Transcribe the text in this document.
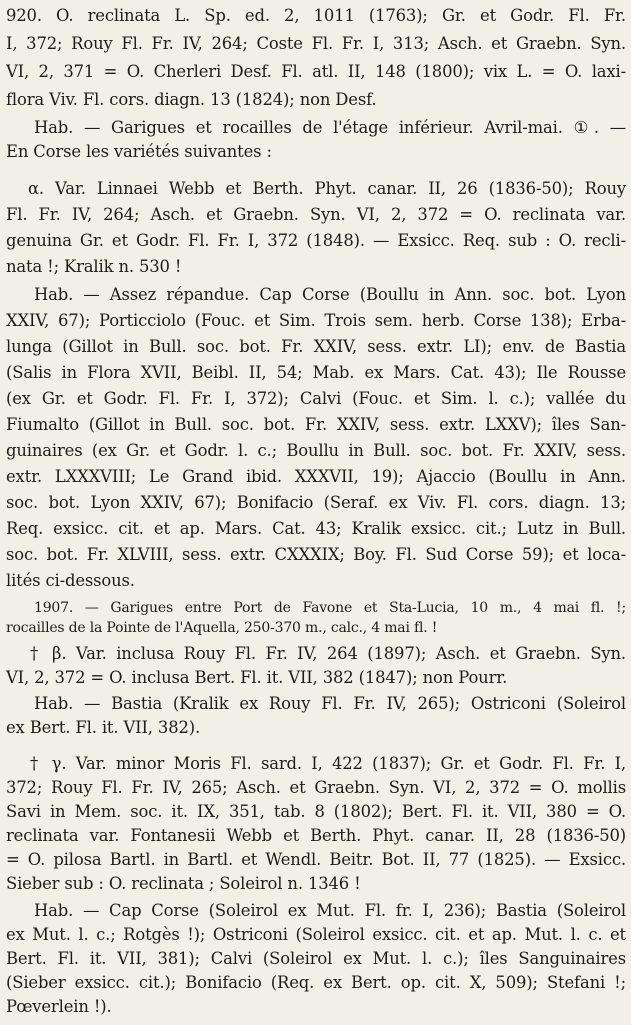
920. O. reclinata L. Sp. ed. 2, 1011 (1763); Gr. et Godr. Fl. Fr.
I, 372; Rouy Fl. Fr. IV, 264; Coste Fl. Fr. I, 313; Asch. et Graebn. Syn.
VI, 2, 371 = O. Cherleri Desf. Fl. atl. II, 148 (1800); vix L. = O. laxi-
flora Viv. Fl. cors. diagn. 13 (1824); non Desf.
Hab. — Garigues et rocailles de l'étage inférieur. Avril-mai. ①. —
En Corse les variétés suivantes :
α. Var. Linnaei Webb et Berth. Phyt. canar. II, 26 (1836-50); Rouy
Fl. Fr. IV, 264; Asch. et Graebn. Syn. VI, 2, 372 = O. reclinata var.
genuina Gr. et Godr. Fl. Fr. I, 372 (1848). — Exsicc. Req. sub : O. recli-
nata !; Kralik n. 530 !
Hab. — Assez répandue. Cap Corse (Boullu in Ann. soc. bot. Lyon
XXIV, 67); Porticciolo (Fouc. et Sim. Trois sem. herb. Corse 138); Erba-
lunga (Gillot in Bull. soc. bot. Fr. XXIV, sess. extr. LI); env. de Bastia
(Salis in Flora XVII, Beibl. II, 54; Mab. ex Mars. Cat. 43); Ile Rousse
(ex Gr. et Godr. Fl. Fr. I, 372); Calvi (Fouc. et Sim. l. c.); vallée du
Fiumalto (Gillot in Bull. soc. bot. Fr. XXIV, sess. extr. LXXV); îles San-
guinaires (ex Gr. et Godr. l. c.; Boullu in Bull. soc. bot. Fr. XXIV, sess.
extr. LXXXVIII; Le Grand ibid. XXXVII, 19); Ajaccio (Boullu in Ann.
soc. bot. Lyon XXIV, 67); Bonifacio (Seraf. ex Viv. Fl. cors. diagn. 13;
Req. exsicc. cit. et ap. Mars. Cat. 43; Kralik exsicc. cit.; Lutz in Bull.
soc. bot. Fr. XLVIII, sess. extr. CXXXIX; Boy. Fl. Sud Corse 59); et loca-
lités ci-dessous.
1907. — Garigues entre Port de Favone et Sta-Lucia, 10 m., 4 mai fl. !;
rocailles de la Pointe de l'Aquella, 250-370 m., calc., 4 mai fl. !
† β. Var. inclusa Rouy Fl. Fr. IV, 264 (1897); Asch. et Graebn. Syn.
VI, 2, 372 = O. inclusa Bert. Fl. it. VII, 382 (1847); non Pourr.
Hab. — Bastia (Kralik ex Rouy Fl. Fr. IV, 265); Ostriconi (Soleirol
ex Bert. Fl. it. VII, 382).
† γ. Var. minor Moris Fl. sard. I, 422 (1837); Gr. et Godr. Fl. Fr. I,
372; Rouy Fl. Fr. IV, 265; Asch. et Graebn. Syn. VI, 2, 372 = O. mollis
Savi in Mem. soc. it. IX, 351, tab. 8 (1802); Bert. Fl. it. VII, 380 = O.
reclinata var. Fontanesii Webb et Berth. Phyt. canar. II, 28 (1836-50)
= O. pilosa Bartl. in Bartl. et Wendl. Beitr. Bot. II, 77 (1825). — Exsicc.
Sieber sub : O. reclinata ; Soleirol n. 1346 !
Hab. — Cap Corse (Soleirol ex Mut. Fl. fr. I, 236); Bastia (Soleirol
ex Mut. l. c.; Rotgès !); Ostriconi (Soleirol exsicc. cit. et ap. Mut. l. c. et
Bert. Fl. it. VII, 381); Calvi (Soleirol ex Mut. l. c.); îles Sanguinaires
(Sieber exsicc. cit.); Bonifacio (Req. ex Bert. op. cit. X, 509); Stefani !;
Pœverlein !).
